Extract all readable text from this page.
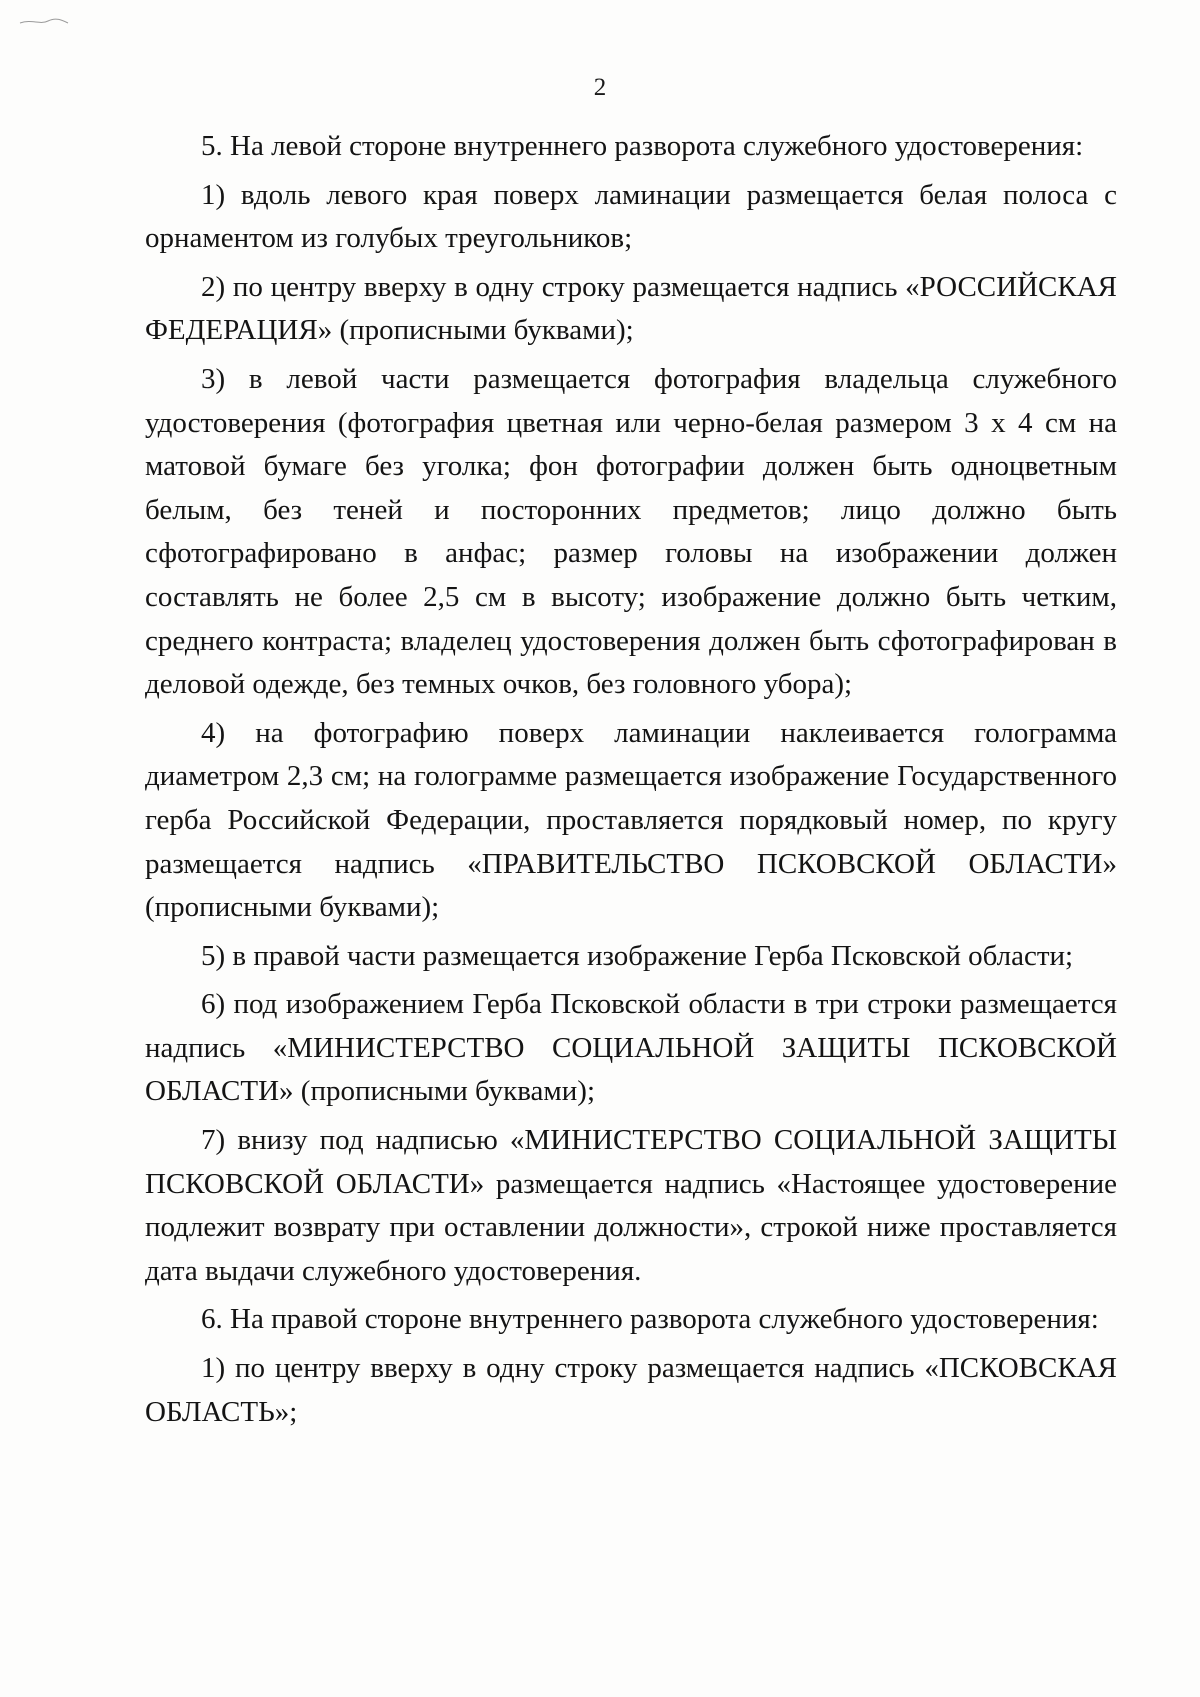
2

5. На левой стороне внутреннего разворота служебного удостоверения:

1) вдоль левого края поверх ламинации размещается белая полоса с орнаментом из голубых треугольников;

2) по центру вверху в одну строку размещается надпись «РОССИЙСКАЯ ФЕДЕРАЦИЯ» (прописными буквами);

3) в левой части размещается фотография владельца служебного удостоверения (фотография цветная или черно-белая размером 3 х 4 см на матовой бумаге без уголка; фон фотографии должен быть одноцветным белым, без теней и посторонних предметов; лицо должно быть сфотографировано в анфас; размер головы на изображении должен составлять не более 2,5 см в высоту; изображение должно быть четким, среднего контраста; владелец удостоверения должен быть сфотографирован в деловой одежде, без темных очков, без головного убора);

4) на фотографию поверх ламинации наклеивается голограмма диаметром 2,3 см; на голограмме размещается изображение Государственного герба Российской Федерации, проставляется порядковый номер, по кругу размещается надпись «ПРАВИТЕЛЬСТВО ПСКОВСКОЙ ОБЛАСТИ» (прописными буквами);

5) в правой части размещается изображение Герба Псковской области;

6) под изображением Герба Псковской области в три строки размещается надпись «МИНИСТЕРСТВО СОЦИАЛЬНОЙ ЗАЩИТЫ ПСКОВСКОЙ ОБЛАСТИ» (прописными буквами);

7) внизу под надписью «МИНИСТЕРСТВО СОЦИАЛЬНОЙ ЗАЩИТЫ ПСКОВСКОЙ ОБЛАСТИ» размещается надпись «Настоящее удостоверение подлежит возврату при оставлении должности», строкой ниже проставляется дата выдачи служебного удостоверения.

6. На правой стороне внутреннего разворота служебного удостоверения:

1) по центру вверху в одну строку размещается надпись «ПСКОВСКАЯ ОБЛАСТЬ»;
